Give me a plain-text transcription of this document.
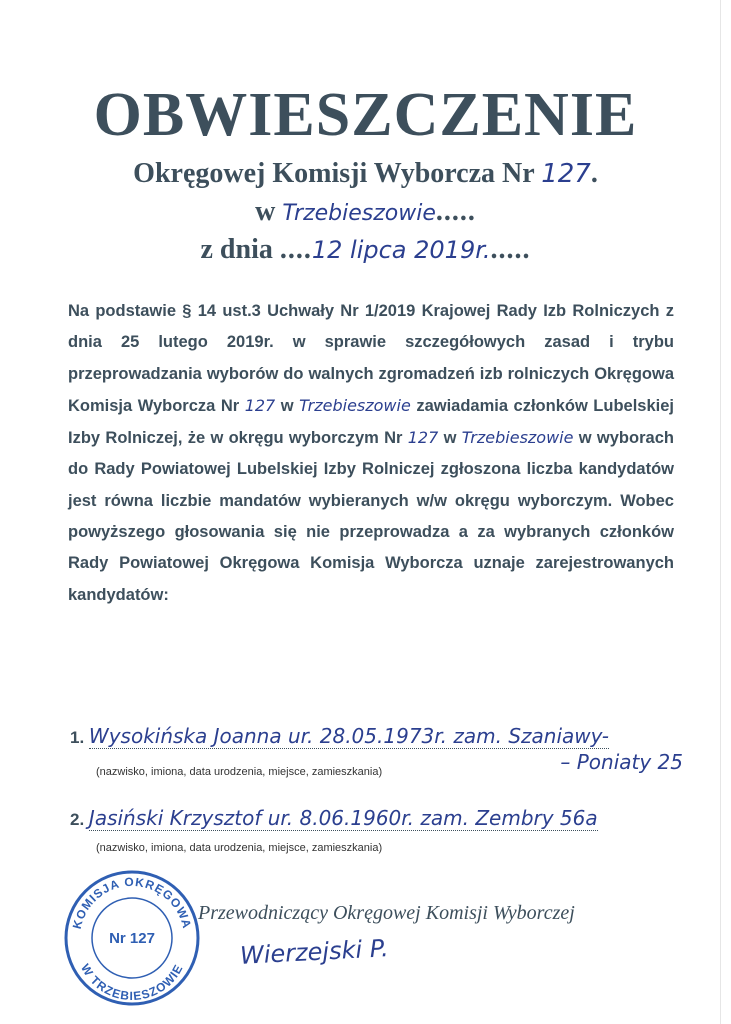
OBWIESZCZENIE
Okręgowej Komisji Wyborcza Nr 127.
w Trzebieszowie.....
z dnia ....12 lipca 2019r......
Na podstawie § 14 ust.3 Uchwały Nr 1/2019 Krajowej Rady Izb Rolniczych z dnia 25 lutego 2019r. w sprawie szczegółowych zasad i trybu przeprowadzania wyborów do walnych zgromadzeń izb rolniczych Okręgowa Komisja Wyborcza Nr 127 w Trzebieszowie zawiadamia członków Lubelskiej Izby Rolniczej, że w okręgu wyborczym Nr 127 w Trzebieszowie w wyborach do Rady Powiatowej Lubelskiej Izby Rolniczej zgłoszona liczba kandydatów jest równa liczbie mandatów wybieranych w/w okręgu wyborczym. Wobec powyższego głosowania się nie przeprowadza a za wybranych członków Rady Powiatowej Okręgowa Komisja Wyborcza uznaje zarejestrowanych kandydatów:
1. Wysokińska Joanna ur. 28.05.1973r. zam. Szaniawy-
– Poniaty 25
(nazwisko, imiona, data urodzenia, miejsce, zamieszkania)
2. Jasiński Krzysztof ur. 8.06.1960r. zam. Zembry 56a
(nazwisko, imiona, data urodzenia, miejsce, zamieszkania)
KOMISJA OKRĘGOWA
W TRZEBIESZOWIE
Nr 127
Przewodniczący Okręgowej Komisji Wyborczej
Wierzejski P.
